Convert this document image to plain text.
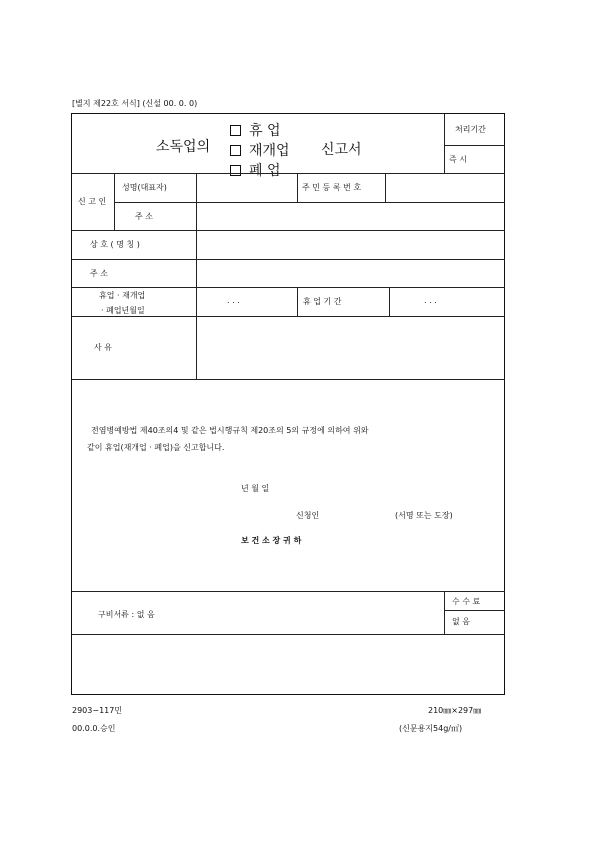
[별지 제22호 서식] (신설 00. 0. 0)
소독업의
휴 업
재개업
폐 업
신고서
처리기간
즉 시
신 고 인
성명(대표자)	주 민 등 록 번 호
주 소
상 호 ( 명 칭 )
주 소
휴업 · 재개업
· 폐업년월일
. . .	휴 업 기 간	. . .
사 유
전염병예방법 제40조의4 및 같은 법시행규칙 제20조의 5의 규정에 의하여 위와
같이 휴업(재개업 · 폐업)을 신고합니다.
년 월 일
신청인	(서명 또는 도장)
보 건 소 장 귀 하
구비서류 : 없 음
수 수 료
없 음
2903−117민
00.0.0.승인
210㎜×297㎜
(신문용지54g/㎡)
